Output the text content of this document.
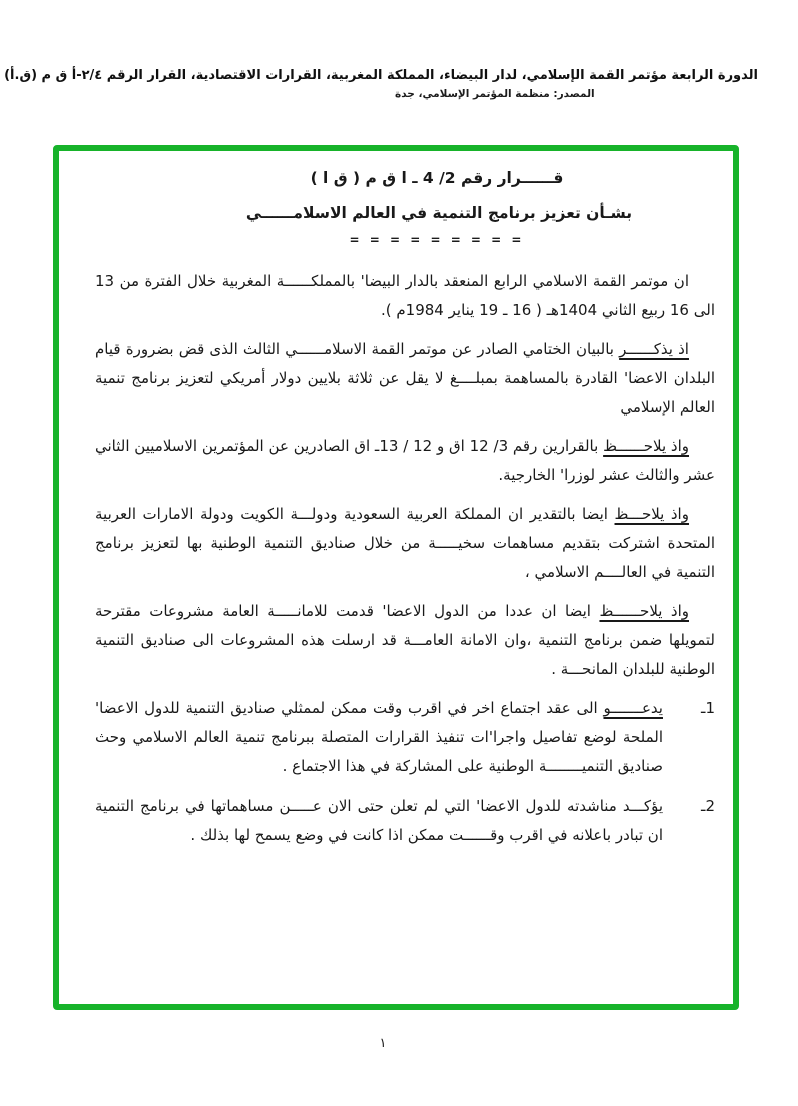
الدورة الرابعة مؤتمر القمة الإسلامي، لدار البيضاء، المملكة المغربية، القرارات الاقتصادية، القرار الرقم ٢/٤-أ ق م (ق.أ)
المصدر: منظمة المؤتمر الإسلامي، جدة
قــــــرار رقم 2/ 4 ـ ا ق م ( ق ا )
بشـأن تعزيز برنامج التنمية في العالم الاسلامــــــي
= = = = = = = = =

ان موتمر القمة الاسلامي الرابع المنعقد بالدار البيضا' بالمملكــــــة المغربية خلال الفترة من 13 الى 16 ربيع الثاني 1404هـ ( 16 ـ 19 يناير 1984م ).

اذ يذكــــــر بالبيان الختامي الصادر عن موتمر القمة الاسلامــــــي الثالث الذى قض بضرورة قيام البلدان الاعضا' القادرة بالمساهمة بمبلــــغ لا يقل عن ثلاثة بلايين دولار أمريكي لتعزيز برنامج تنمية العالم الإسلامي

واذ يلاحــــــظ بالقرارين رقم 3/ 12 اق و 12 / 13ـ اق الصادرين عن المؤتمرين الاسلاميين الثاني عشر والثالث عشر لوزرا' الخارجية.

واذ يلاحـــظ ايضا بالتقدير ان المملكة العربية السعودية ودولـــة الكويت ودولة الامارات العربية المتحدة اشتركت بتقديم مساهمات سخيـــــة من خلال صناديق التنمية الوطنية بها لتعزيز برنامج التنمية في العالــــم الاسلامي ،

واذ يلاحــــــظ ايضا ان عددا من الدول الاعضا' قدمت للامانـــــة العامة مشروعات مقترحة لتمويلها ضمن برنامج التنمية ،وان الامانة العامـــة قد ارسلت هذه المشروعات الى صناديق التنمية الوطنية للبلدان المانحـــة .

1ـ

يدعـــــــو الى عقد اجتماع اخر في اقرب وقت ممكن لممثلي صناديق التنمية للدول الاعضا' الملحة لوضع تفاصيل واجرا'ات تنفيذ القرارات المتصلة ببرنامج تنمية العالم الاسلامي وحث صناديق التنميــــــــة الوطنية على المشاركة في هذا الاجتماع .

2ـ

يؤكـــد مناشدته للدول الاعضا' التي لم تعلن حتى الان عـــــن مساهماتها في برنامج التنمية ان تبادر باعلانه في اقرب وقــــــت ممكن اذا كانت في وضع يسمح لها بذلك .

١
